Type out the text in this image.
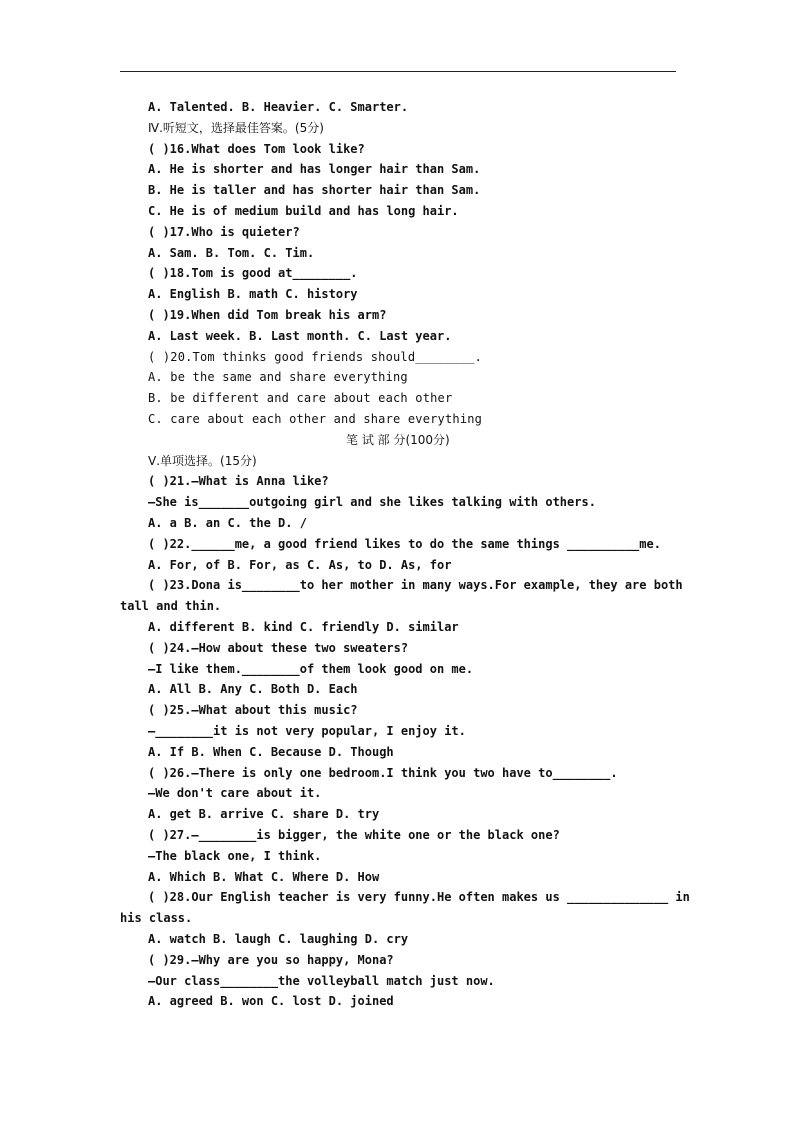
A. Talented. B. Heavier. C. Smarter.
Ⅳ.听短文，选择最佳答案。(5分)
( )16.What does Tom look like?
A. He is shorter and has longer hair than Sam.
B. He is taller and has shorter hair than Sam.
C. He is of medium build and has long hair.
( )17.Who is quieter?
A. Sam. B. Tom. C. Tim.
( )18.Tom is good at________.
A. English B. math C. history
( )19.When did Tom break his arm?
A. Last week. B. Last month. C. Last year.
( )20.Tom thinks good friends should________.
A. be the same and share everything
B. be different and care about each other
C. care about each other and share everything
笔 试 部 分(100分)
Ⅴ.单项选择。(15分)
( )21.—What is Anna like?
—She is_______outgoing girl and she likes talking with others.
A. a B. an C. the D. /
( )22.______me, a good friend likes to do the same things __________me.
A. For, of B. For, as C. As, to D. As, for
( )23.Dona is________to her mother in many ways.For example, they are both
tall and thin.
A. different B. kind C. friendly D. similar
( )24.—How about these two sweaters?
—I like them.________of them look good on me.
A. All B. Any C. Both D. Each
( )25.—What about this music?
—________it is not very popular, I enjoy it.
A. If B. When C. Because D. Though
( )26.—There is only one bedroom.I think you two have to________.
—We don't care about it.
A. get B. arrive C. share D. try
( )27.—________is bigger, the white one or the black one?
—The black one, I think.
A. Which B. What C. Where D. How
( )28.Our English teacher is very funny.He often makes us ______________ in
his class.
A. watch B. laugh C. laughing D. cry
( )29.—Why are you so happy, Mona?
—Our class________the volleyball match just now.
A. agreed B. won C. lost D. joined
